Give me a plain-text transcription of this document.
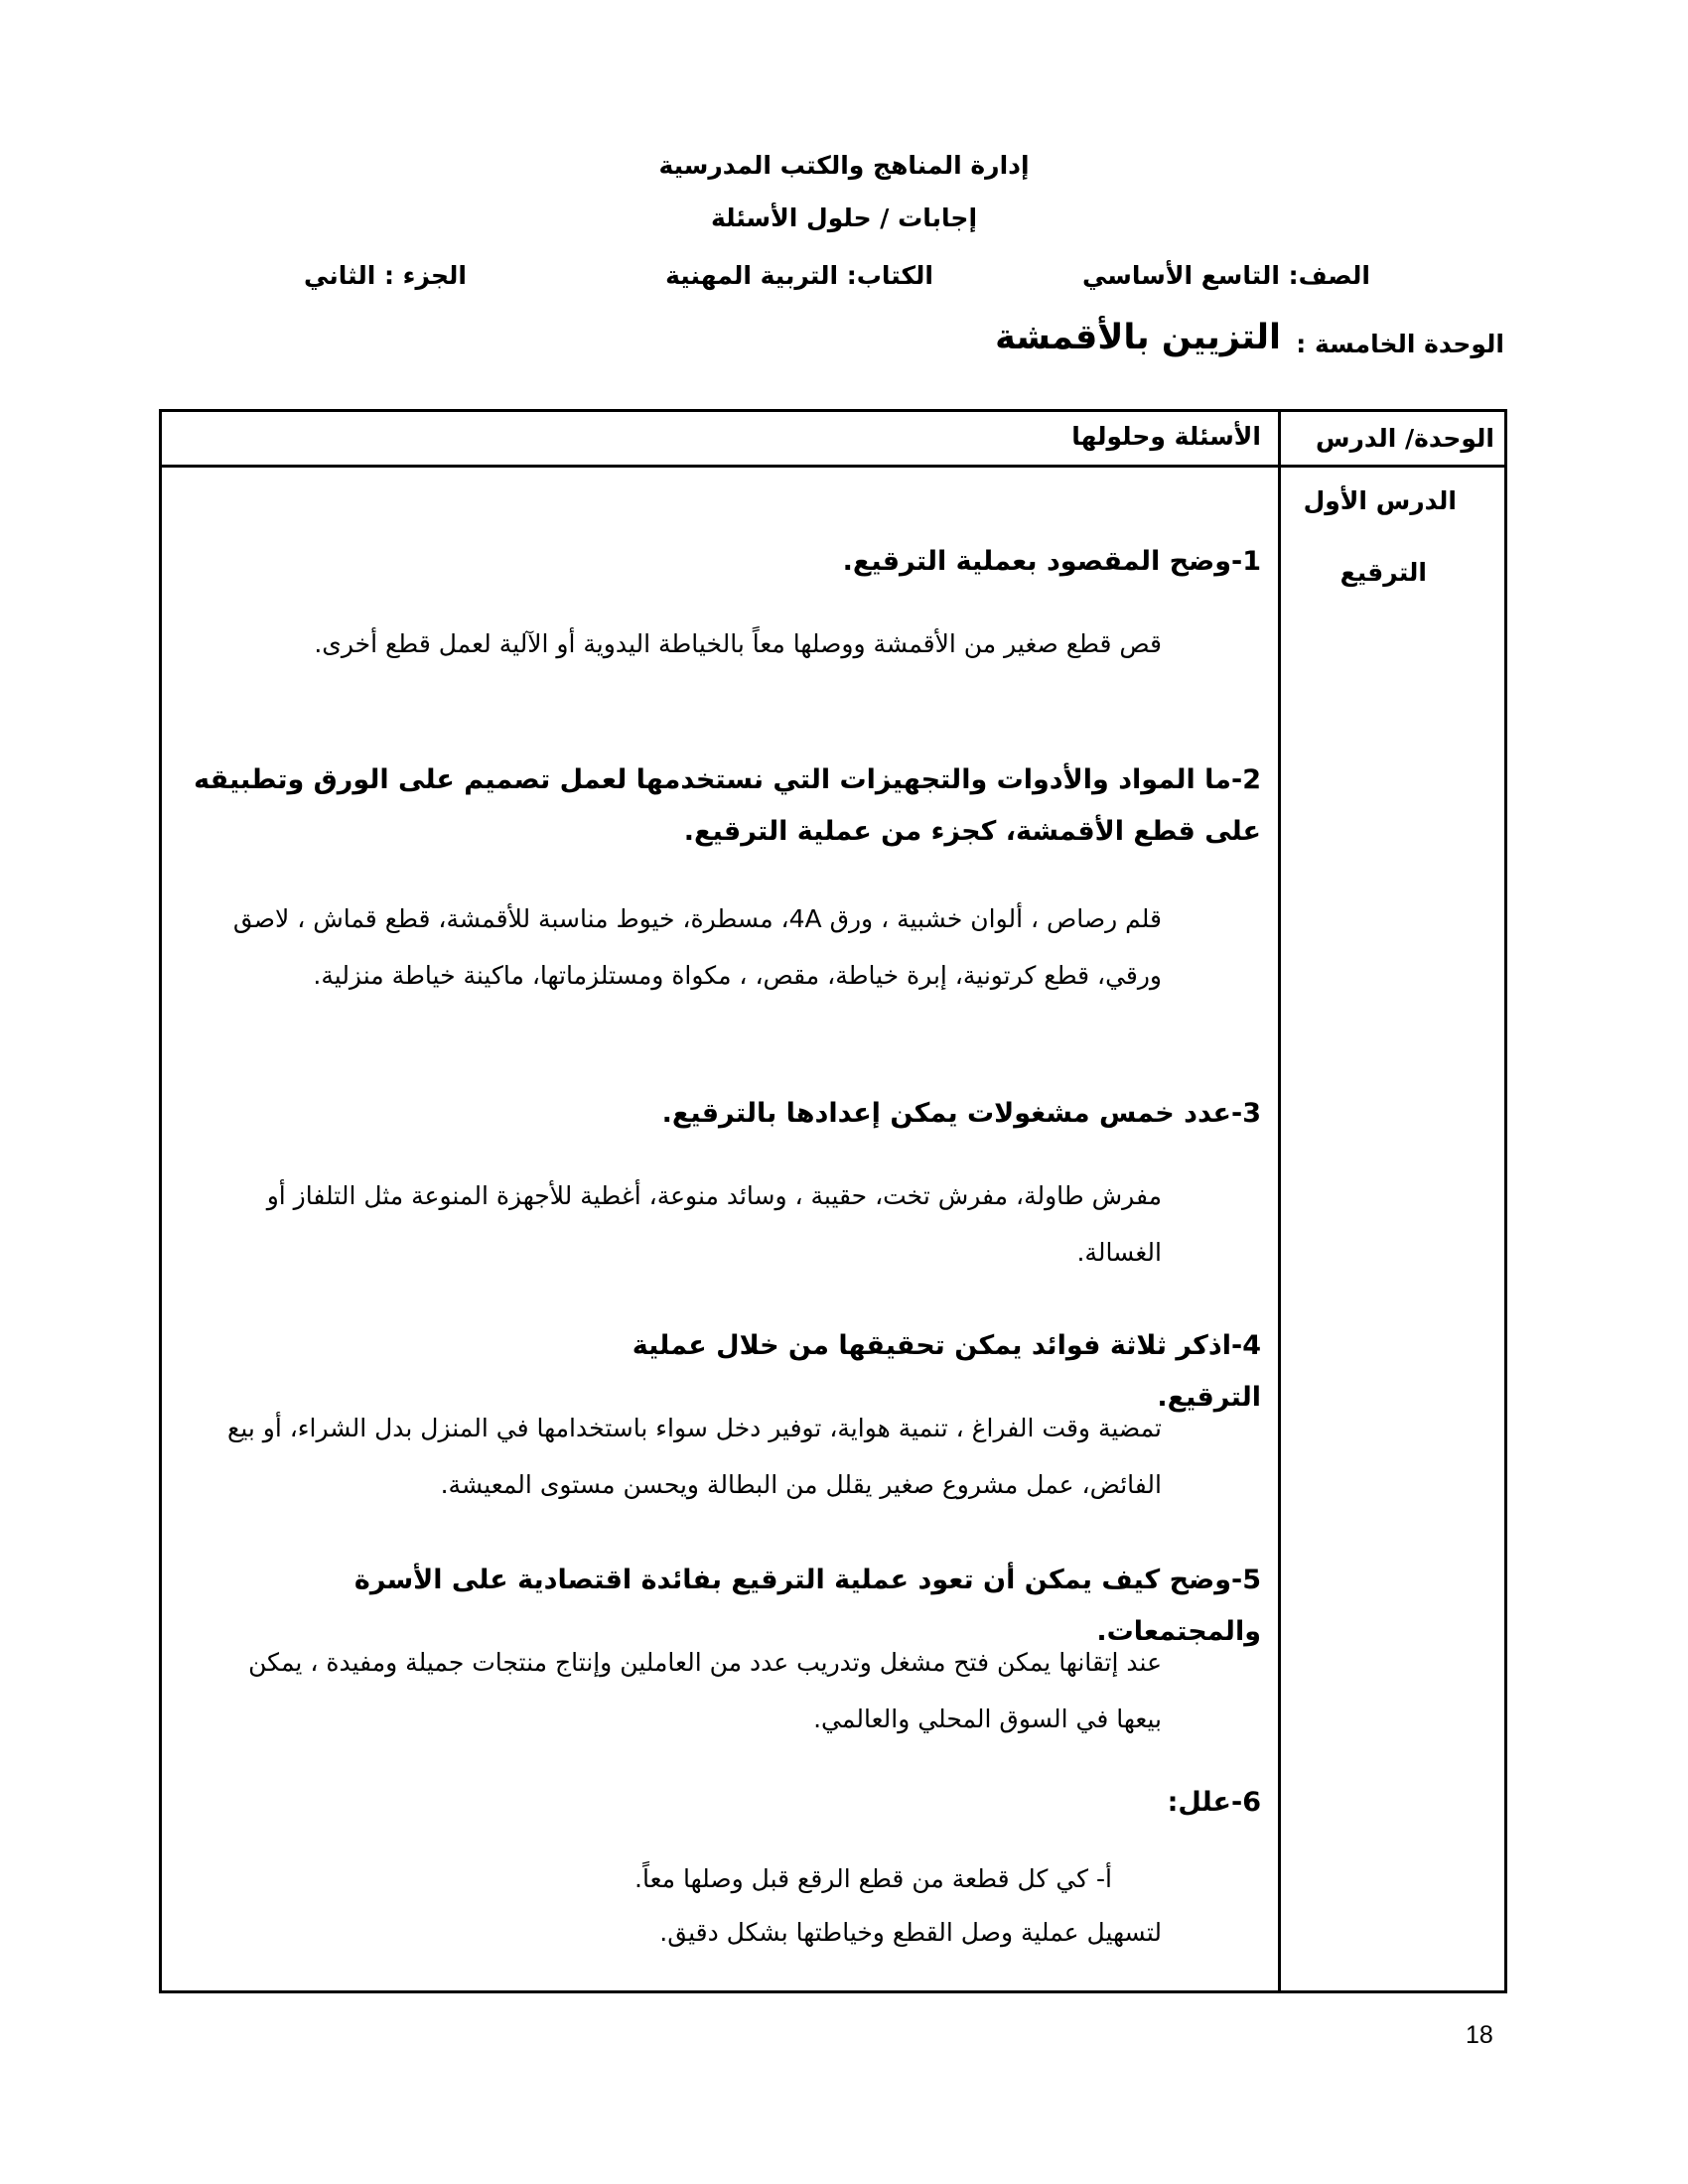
إدارة المناهج والكتب المدرسية
إجابات / حلول الأسئلة
الصف: التاسع الأساسي
الكتاب: التربية المهنية
الجزء : الثاني
الوحدة الخامسة :
التزيين بالأقمشة
الوحدة/ الدرس
الأسئلة وحلولها
الدرس الأول
الترقيع
1-وضح المقصود بعملية الترقيع.
قص قطع صغير من الأقمشة ووصلها معاً بالخياطة اليدوية أو الآلية لعمل قطع أخرى.
2-ما المواد والأدوات والتجهيزات التي نستخدمها لعمل تصميم على الورق وتطبيقه على قطع الأقمشة، كجزء من عملية الترقيع.
قلم رصاص ، ألوان خشبية ، ورق 4A، مسطرة، خيوط مناسبة للأقمشة، قطع قماش ، لاصق ورقي، قطع كرتونية، إبرة خياطة، مقص، ، مكواة ومستلزماتها، ماكينة خياطة منزلية.
3-عدد خمس مشغولات يمكن إعدادها بالترقيع.
مفرش طاولة، مفرش تخت، حقيبة ، وسائد منوعة، أغطية للأجهزة المنوعة مثل التلفاز أو الغسالة.
4-اذكر ثلاثة فوائد يمكن تحقيقها من خلال عملية الترقيع.
تمضية وقت الفراغ ، تنمية هواية، توفير دخل سواء باستخدامها في المنزل بدل الشراء، أو بيع الفائض، عمل مشروع صغير يقلل من البطالة ويحسن مستوى المعيشة.
5-وضح كيف يمكن أن تعود عملية الترقيع بفائدة اقتصادية على الأسرة والمجتمعات.
عند إتقانها يمكن فتح مشغل وتدريب عدد من العاملين وإنتاج منتجات جميلة ومفيدة ، يمكن بيعها في السوق المحلي والعالمي.
6-علل:
أ- كي كل قطعة من قطع الرقع قبل وصلها معاً.
لتسهيل عملية وصل القطع وخياطتها بشكل دقيق.
18
